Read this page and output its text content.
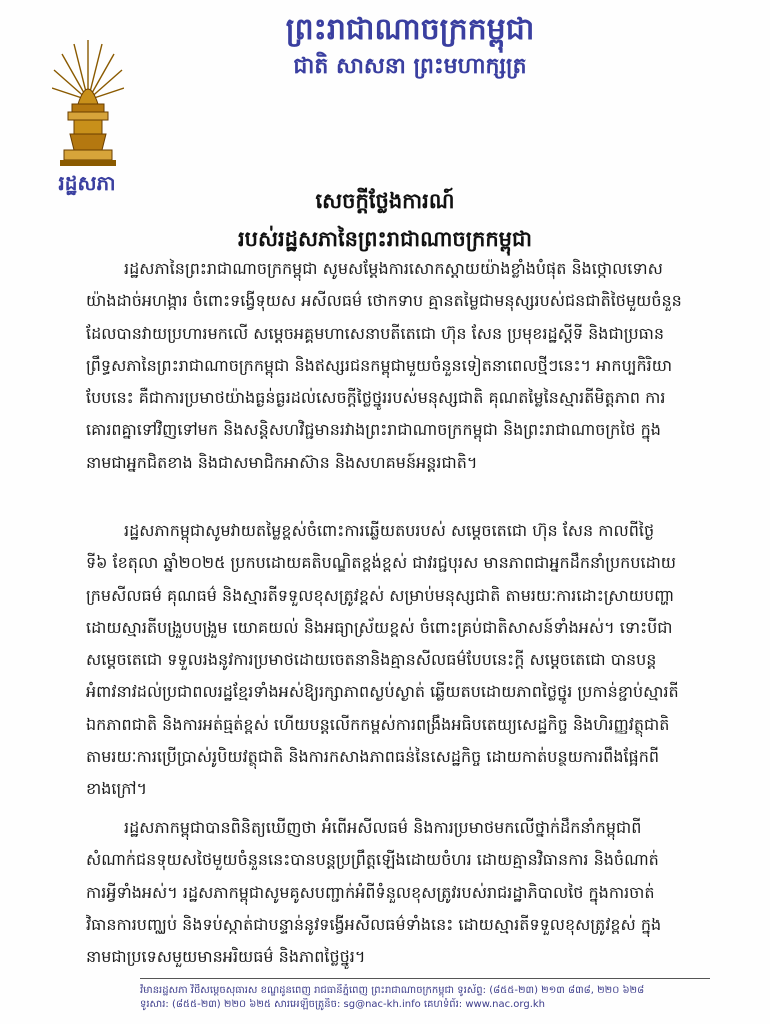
រដ្ឋសភា
ព្រះរាជាណាចក្រកម្ពុជា
ជាតិ សាសនា ព្រះមហាក្សត្រ
សេចក្តីថ្លែងការណ៍
របស់រដ្ឋសភានៃព្រះរាជាណាចក្រកម្ពុជា
រដ្ឋសភានៃព្រះរាជាណាចក្រកម្ពុជា សូមសម្តែងការសោកស្តាយយ៉ាងខ្លាំងបំផុត និងថ្កោលទោស
យ៉ាងដាច់អហង្ការ ចំពោះទង្វើទុយស អសីលធម៌ ថោកទាប គ្មានតម្លៃជាមនុស្សរបស់ជនជាតិថៃមួយចំនួន
ដែលបានវាយប្រហារមកលើ សម្តេចអគ្គមហាសេនាបតីតេជោ ហ៊ុន សែន ប្រមុខរដ្ឋស្តីទី និងជាប្រធាន
ព្រឹទ្ធសភានៃព្រះរាជាណាចក្រកម្ពុជា និងឥស្សរជនកម្ពុជាមួយចំនួនទៀតនាពេលថ្មីៗនេះ។ អាកប្បកិរិយា
បែបនេះ គឺជាការប្រមាថយ៉ាងធ្ងន់ធ្ងរដល់សេចក្តីថ្លៃថ្នូររបស់មនុស្សជាតិ គុណតម្លៃនៃស្មារតីមិត្តភាព ការ
គោរពគ្នាទៅវិញទៅមក និងសន្តិសហវិជ្ជមានរវាងព្រះរាជាណាចក្រកម្ពុជា និងព្រះរាជាណាចក្រថៃ ក្នុង
នាមជាអ្នកជិតខាង និងជាសមាជិកអាស៊ាន និងសហគមន៍អន្តរជាតិ។
រដ្ឋសភាកម្ពុជាសូមវាយតម្លៃខ្ពស់ចំពោះការឆ្លើយតបរបស់ សម្តេចតេជោ ហ៊ុន សែន កាលពីថ្ងៃ
ទី៦ ខែតុលា ឆ្នាំ២០២៥ ប្រកបដោយគតិបណ្ឌិតខ្ពង់ខ្ពស់ ជាវរជ្ជបុរស មានភាពជាអ្នកដឹកនាំប្រកបដោយ
ក្រមសីលធម៌ គុណធម៌ និងស្មារតីទទួលខុសត្រូវខ្ពស់ សម្រាប់មនុស្សជាតិ តាមរយៈការដោះស្រាយបញ្ហា
ដោយស្មារតីបង្រួបបង្រួម យោគយល់ និងអធ្យាស្រ័យខ្ពស់ ចំពោះគ្រប់ជាតិសាសន៍ទាំងអស់។ ទោះបីជា
សម្តេចតេជោ ទទួលរងនូវការប្រមាថដោយចេតនានិងគ្មានសីលធម៌បែបនេះក្តី សម្តេចតេជោ បានបន្ត
អំពាវនាវដល់ប្រជាពលរដ្ឋខ្មែរទាំងអស់ឱ្យរក្សាភាពស្ងប់ស្ងាត់ ឆ្លើយតបដោយភាពថ្លៃថ្នូរ ប្រកាន់ខ្ជាប់ស្មារតី
ឯកភាពជាតិ និងការអត់ធ្មត់ខ្ពស់ ហើយបន្តលើកកម្ពស់ការពង្រឹងអធិបតេយ្យសេដ្ឋកិច្ច និងហិរញ្ញវត្ថុជាតិ
តាមរយៈការប្រើប្រាស់រូបិយវត្ថុជាតិ និងការកសាងភាពធន់នៃសេដ្ឋកិច្ច ដោយកាត់បន្ថយការពឹងផ្អែកពី
ខាងក្រៅ។
រដ្ឋសភាកម្ពុជាបានពិនិត្យឃើញថា អំពើអសីលធម៌ និងការប្រមាថមកលើថ្នាក់ដឹកនាំកម្ពុជាពី
សំណាក់ជនទុយសថៃមួយចំនួននេះបានបន្តប្រព្រឹត្តឡើងដោយចំហរ ដោយគ្មានវិធានការ និងចំណាត់
ការអ្វីទាំងអស់។ រដ្ឋសភាកម្ពុជាសូមគូសបញ្ជាក់អំពីទំនួលខុសត្រូវរបស់រាជរដ្ឋាភិបាលថៃ ក្នុងការចាត់
វិធានការបញ្ឈប់ និងទប់ស្កាត់ជាបន្ទាន់នូវទង្វើអសីលធម៌ទាំងនេះ ដោយស្មារតីទទួលខុសត្រូវខ្ពស់ ក្នុង
នាមជាប្រទេសមួយមានអរិយធម៌ និងភាពថ្លៃថ្នូរ។
វិមានរដ្ឋសភា វិថីសម្តេចសុធារស ខណ្ឌដូនពេញ រាជធានីភ្នំពេញ ព្រះរាជាណាចក្រកម្ពុជា ទូរស័ព្ទ: (៨៥៥-២៣) ២១៣ ៨៣៨, ២២០ ៦២៨
ទូរសារ: (៨៥៥-២៣) ២២០ ៦២៥ សារអេឡិចត្រូនិច: sg@nac-kh.info គេហទំព័រ: www.nac.org.kh
